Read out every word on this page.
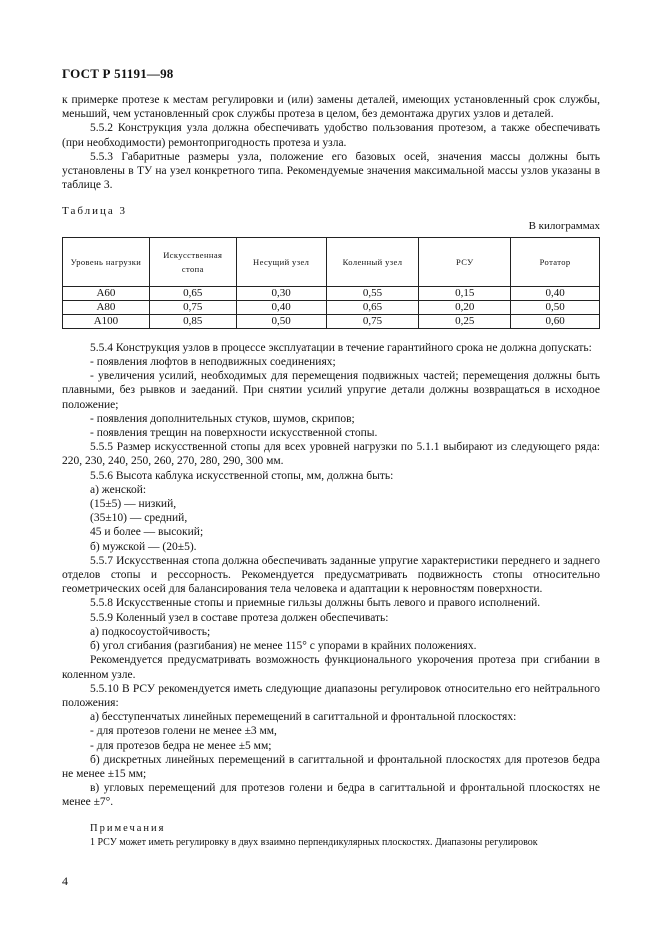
ГОСТ Р 51191—98

к примерке протезе к местам регулировки и (или) замены деталей, имеющих установленный срок службы, меньший, чем установленный срок службы протеза в целом, без демонтажа других узлов и деталей.

5.5.2 Конструкция узла должна обеспечивать удобство пользования протезом, а также обеспечивать (при необходимости) ремонтопригодность протеза и узла.

5.5.3 Габаритные размеры узла, положение его базовых осей, значения массы должны быть установлены в ТУ на узел конкретного типа. Рекомендуемые значения максимальной массы узлов указаны в таблице 3.

Таблица 3
В килограммах
Уровень нагрузки	Искусственная стопа	Несущий узел	Коленный узел	РСУ	Ротатор
А60	0,65	0,30	0,55	0,15	0,40
А80	0,75	0,40	0,65	0,20	0,50
А100	0,85	0,50	0,75	0,25	0,60

5.5.4 Конструкция узлов в процессе эксплуатации в течение гарантийного срока не должна допускать:

- появления люфтов в неподвижных соединениях;

- увеличения усилий, необходимых для перемещения подвижных частей; перемещения должны быть плавными, без рывков и заеданий. При снятии усилий упругие детали должны возвращаться в исходное положение;

- появления дополнительных стуков, шумов, скрипов;

- появления трещин на поверхности искусственной стопы.

5.5.5 Размер искусственной стопы для всех уровней нагрузки по 5.1.1 выбирают из следующего ряда: 220, 230, 240, 250, 260, 270, 280, 290, 300 мм.

5.5.6 Высота каблука искусственной стопы, мм, должна быть:

а) женской:

(15±5) — низкий,

(35±10) — средний,

45 и более — высокий;

б) мужской — (20±5).

5.5.7 Искусственная стопа должна обеспечивать заданные упругие характеристики переднего и заднего отделов стопы и рессорность. Рекомендуется предусматривать подвижность стопы относительно геометрических осей для балансирования тела человека и адаптации к неровностям поверхности.

5.5.8 Искусственные стопы и приемные гильзы должны быть левого и правого исполнений.

5.5.9 Коленный узел в составе протеза должен обеспечивать:

а) подкосоустойчивость;

б) угол сгибания (разгибания) не менее 115° с упорами в крайних положениях.

Рекомендуется предусматривать возможность функционального укорочения протеза при сгибании в коленном узле.

5.5.10 В РСУ рекомендуется иметь следующие диапазоны регулировок относительно его нейтрального положения:

а) бесступенчатых линейных перемещений в сагиттальной и фронтальной плоскостях:

- для протезов голени не менее ±3 мм,

- для протезов бедра не менее ±5 мм;

б) дискретных линейных перемещений в сагиттальной и фронтальной плоскостях для протезов бедра не менее ±15 мм;

в) угловых перемещений для протезов голени и бедра в сагиттальной и фронтальной плоскостях не менее ±7°.

Примечания

1 РСУ может иметь регулировку в двух взаимно перпендикулярных плоскостях. Диапазоны регулировок

4
